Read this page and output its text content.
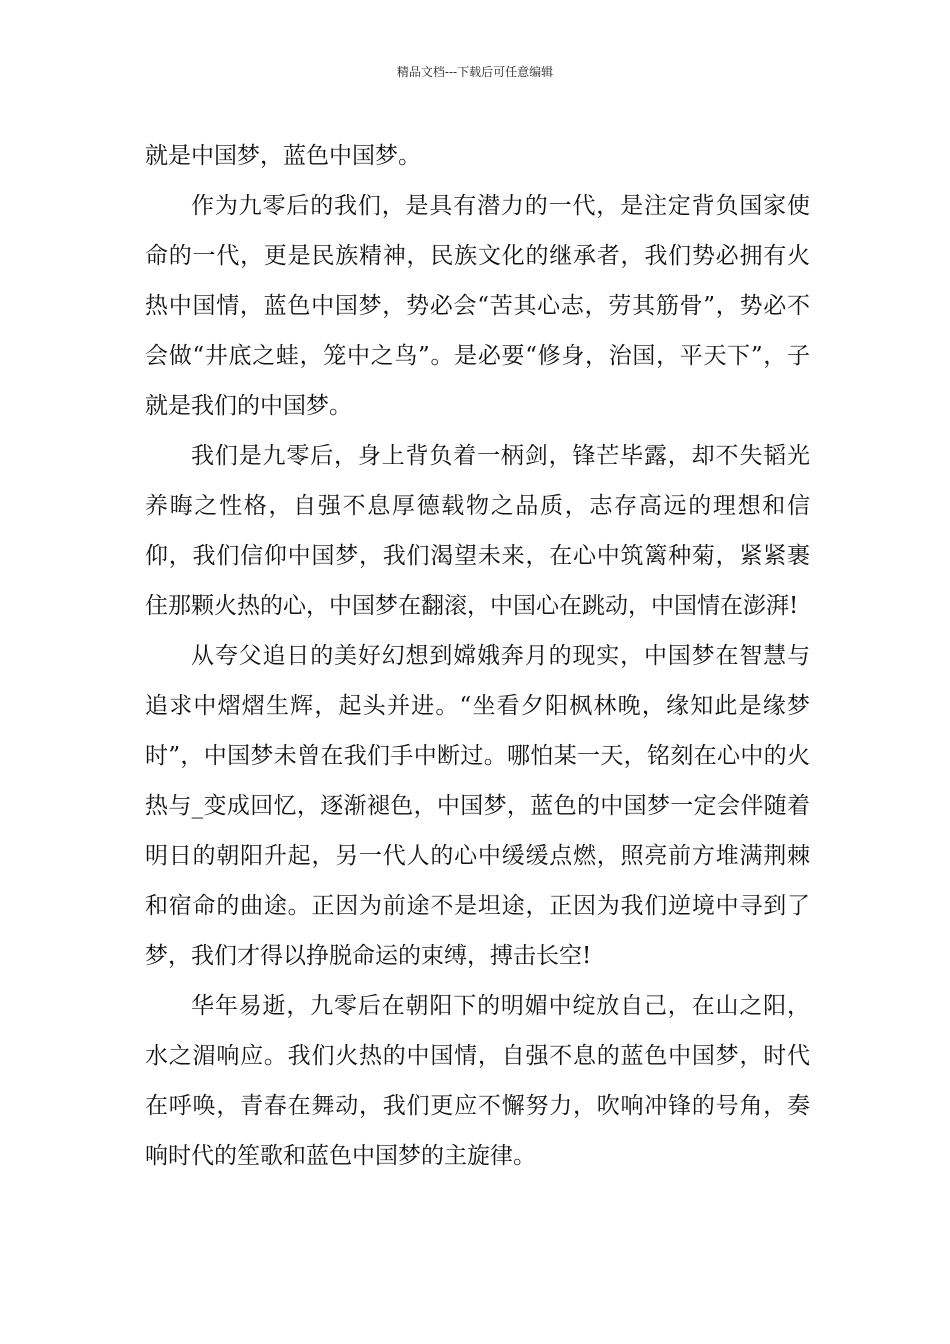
精品文档---下载后可任意编辑

就是中国梦，蓝色中国梦。

作为九零后的我们，是具有潜力的一代，是注定背负国家使命的一代，更是民族精神，民族文化的继承者，我们势必拥有火热中国情，蓝色中国梦，势必会“苦其心志，劳其筋骨”，势必不会做“井底之蛙，笼中之鸟”。是必要“修身，治国，平天下”，子就是我们的中国梦。

我们是九零后，身上背负着一柄剑，锋芒毕露，却不失韬光养晦之性格，自强不息厚德载物之品质，志存高远的理想和信仰，我们信仰中国梦，我们渴望未来，在心中筑篱种菊，紧紧裹住那颗火热的心，中国梦在翻滚，中国心在跳动，中国情在澎湃!

从夸父追日的美好幻想到嫦娥奔月的现实，中国梦在智慧与追求中熠熠生辉，起头并进。“坐看夕阳枫林晚，缘知此是缘梦时”，中国梦未曾在我们手中断过。哪怕某一天，铭刻在心中的火热与_变成回忆，逐渐褪色，中国梦，蓝色的中国梦一定会伴随着明日的朝阳升起，另一代人的心中缓缓点燃，照亮前方堆满荆棘和宿命的曲途。正因为前途不是坦途，正因为我们逆境中寻到了梦，我们才得以挣脱命运的束缚，搏击长空!

华年易逝，九零后在朝阳下的明媚中绽放自己，在山之阳，水之湄响应。我们火热的中国情，自强不息的蓝色中国梦，时代在呼唤，青春在舞动，我们更应不懈努力，吹响冲锋的号角，奏响时代的笙歌和蓝色中国梦的主旋律。
